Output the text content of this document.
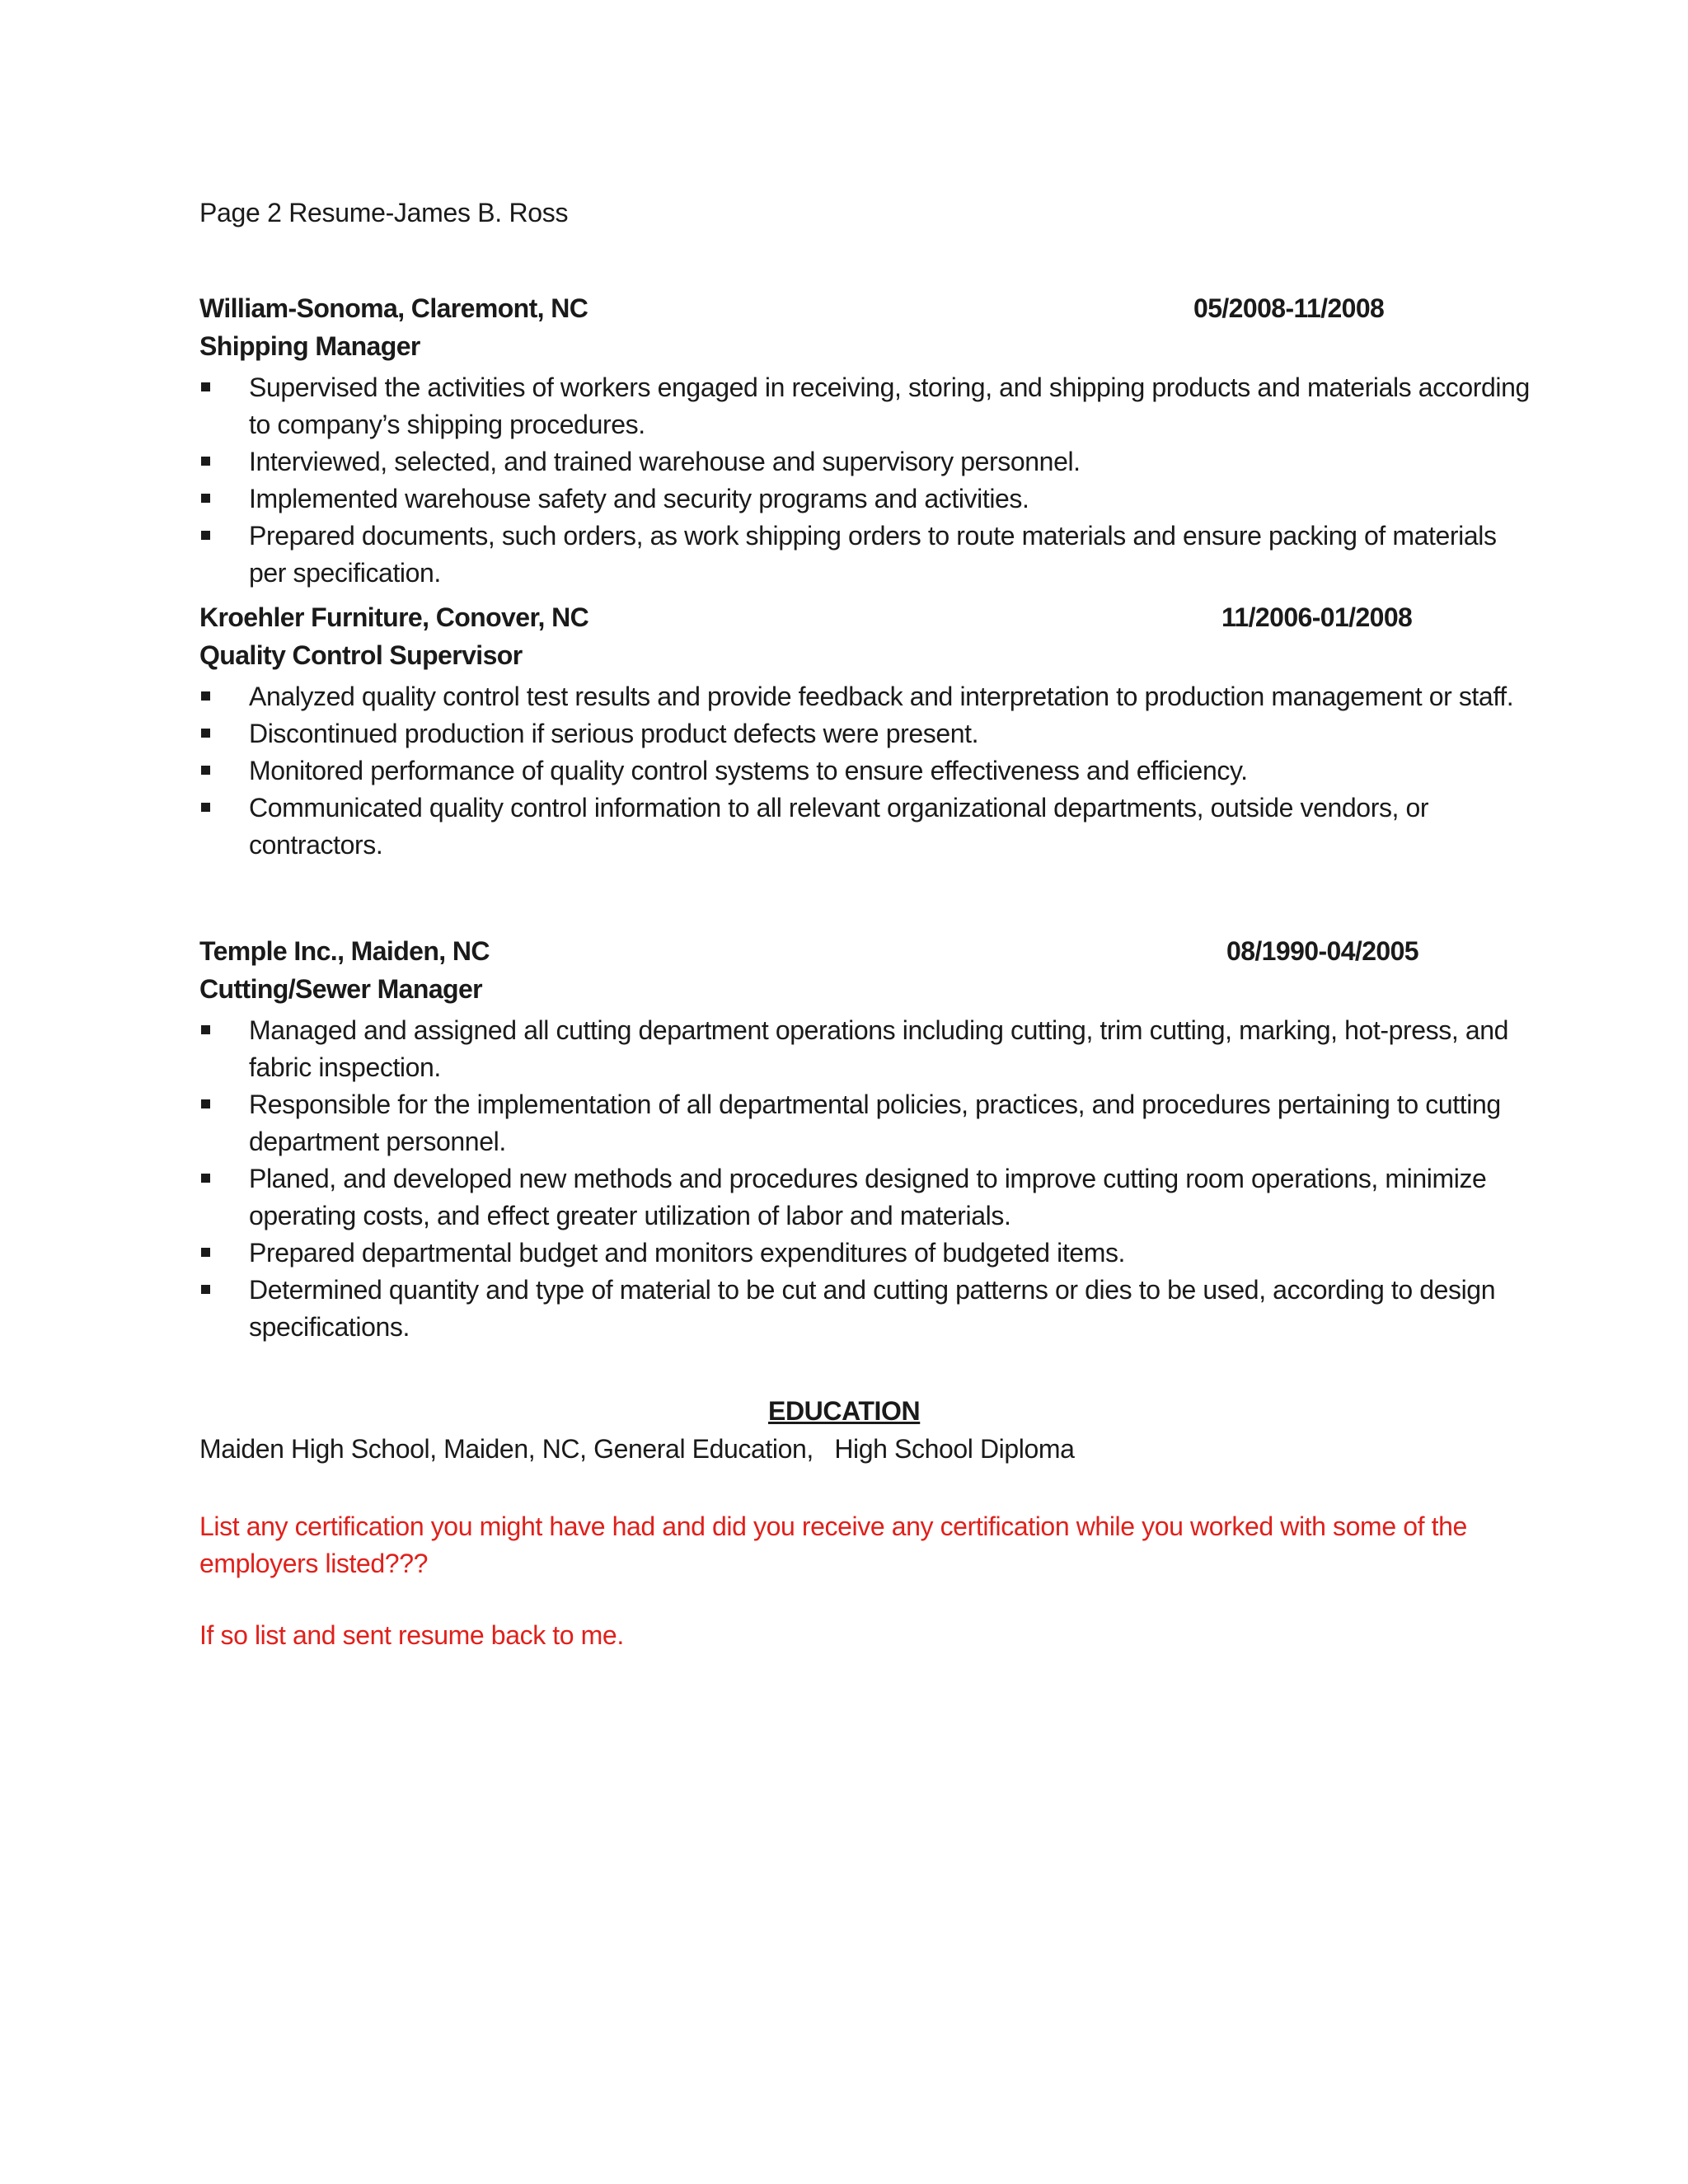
Page 2 Resume-James B. Ross
William-Sonoma, Claremont, NC	05/2008-11/2008
Shipping Manager
Supervised the activities of workers engaged in receiving, storing, and shipping products and materials according to company’s shipping procedures.
Interviewed, selected, and trained warehouse and supervisory personnel.
Implemented warehouse safety and security programs and activities.
Prepared documents, such orders, as work shipping orders to route materials and ensure packing of materials per specification.
Kroehler Furniture, Conover, NC	11/2006-01/2008
Quality Control Supervisor
Analyzed quality control test results and provide feedback and interpretation to production management or staff.
Discontinued production if serious product defects were present.
Monitored performance of quality control systems to ensure effectiveness and efficiency.
Communicated quality control information to all relevant organizational departments, outside vendors, or contractors.
Temple Inc., Maiden, NC	08/1990-04/2005
Cutting/Sewer Manager
Managed and assigned all cutting department operations including cutting, trim cutting, marking, hot-press, and fabric inspection.
Responsible for the implementation of all departmental policies, practices, and procedures pertaining to cutting department personnel.
Planed, and developed new methods and procedures designed to improve cutting room operations, minimize operating costs, and effect greater utilization of labor and materials.
Prepared departmental budget and monitors expenditures of budgeted items.
Determined quantity and type of material to be cut and cutting patterns or dies to be used, according to design specifications.
EDUCATION
Maiden High School, Maiden, NC, General Education,   High School Diploma
List any certification you might have had and did you receive any certification while you worked with some of the employers listed???
If so list and sent resume back to me.
